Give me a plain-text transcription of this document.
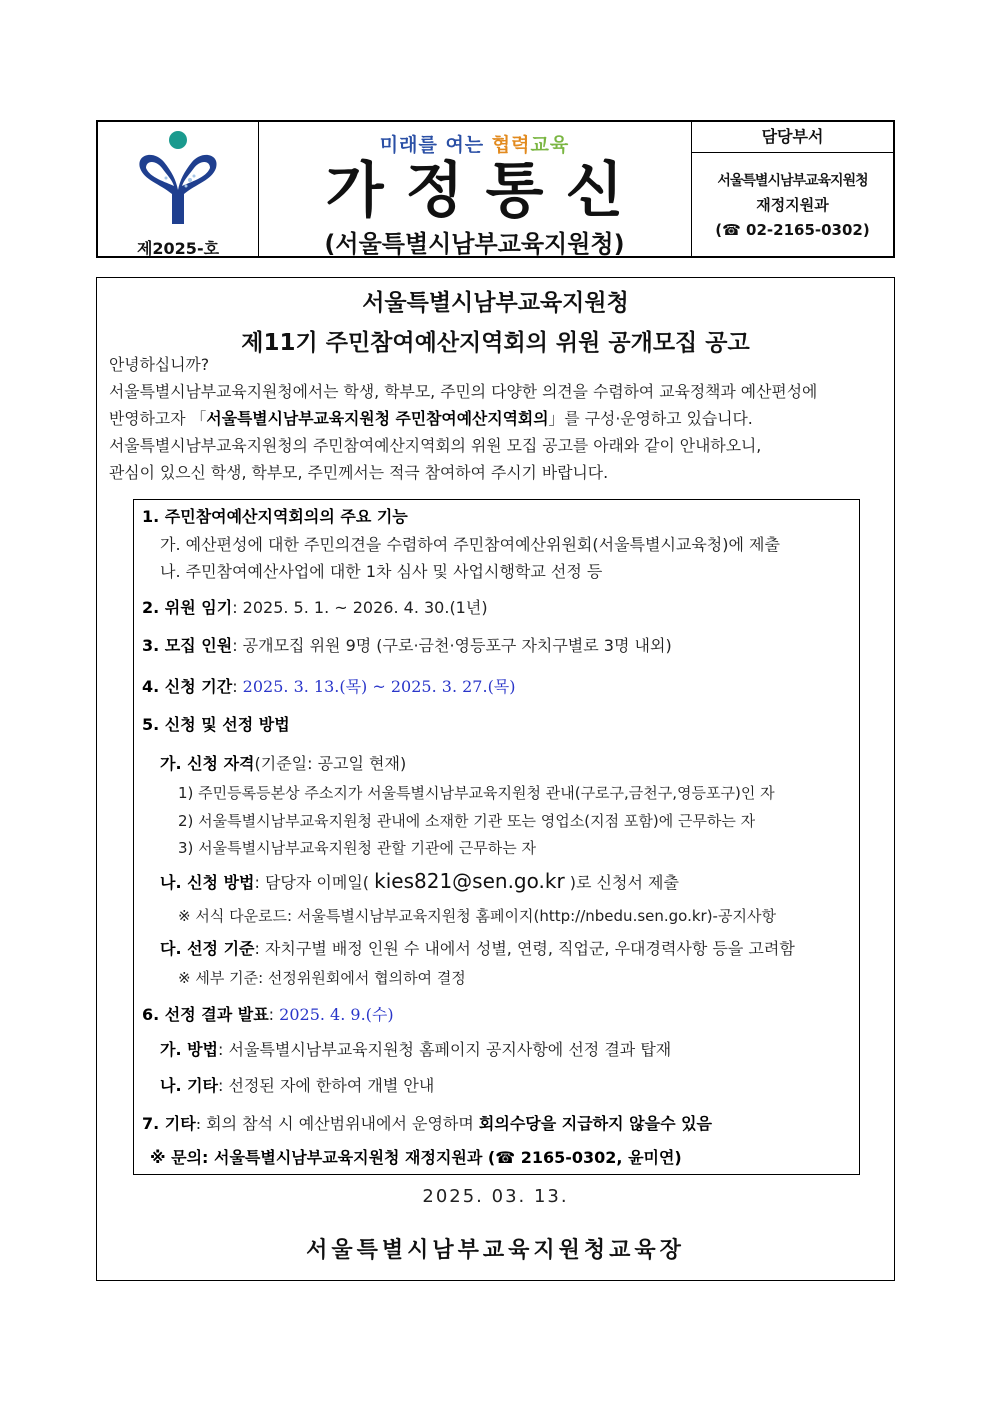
제2025-호
미래를 여는 협력교육
가정통신
(서울특별시남부교육지원청)
담당부서
서울특별시남부교육지원청
재정지원과
(☎ 02-2165-0302)
서울특별시남부교육지원청
제11기 주민참여예산지역회의 위원 공개모집 공고

안녕하십니까?

서울특별시남부교육지원청에서는 학생, 학부모, 주민의 다양한 의견을 수렴하여 교육정책과 예산편성에

반영하고자 「서울특별시남부교육지원청 주민참여예산지역회의」를 구성·운영하고 있습니다.

서울특별시남부교육지원청의 주민참여예산지역회의 위원 모집 공고를 아래와 같이 안내하오니,

관심이 있으신 학생, 학부모, 주민께서는 적극 참여하여 주시기 바랍니다.

1. 주민참여예산지역회의의 주요 기능
가. 예산편성에 대한 주민의견을 수렴하여 주민참여예산위원회(서울특별시교육청)에 제출
나. 주민참여예산사업에 대한 1차 심사 및 사업시행학교 선정 등
2. 위원 임기: 2025. 5. 1. ~ 2026. 4. 30.(1년)
3. 모집 인원: 공개모집 위원 9명 (구로·금천·영등포구 자치구별로 3명 내외)
4. 신청 기간: 2025. 3. 13.(목) ~ 2025. 3. 27.(목)
5. 신청 및 선정 방법
가. 신청 자격(기준일: 공고일 현재)
1) 주민등록등본상 주소지가 서울특별시남부교육지원청 관내(구로구,금천구,영등포구)인 자
2) 서울특별시남부교육지원청 관내에 소재한 기관 또는 영업소(지점 포함)에 근무하는 자
3) 서울특별시남부교육지원청 관할 기관에 근무하는 자
나. 신청 방법: 담당자 이메일( kies821@sen.go.kr )로 신청서 제출
※ 서식 다운로드: 서울특별시남부교육지원청 홈페이지(http://nbedu.sen.go.kr)-공지사항
다. 선정 기준: 자치구별 배정 인원 수 내에서 성별, 연령, 직업군, 우대경력사항 등을 고려함
※ 세부 기준: 선정위원회에서 협의하여 결정
6. 선정 결과 발표: 2025. 4. 9.(수)
가. 방법: 서울특별시남부교육지원청 홈페이지 공지사항에 선정 결과 탑재
나. 기타: 선정된 자에 한하여 개별 안내
7. 기타: 회의 참석 시 예산범위내에서 운영하며 회의수당을 지급하지 않을수 있음
※ 문의: 서울특별시남부교육지원청 재정지원과 (☎ 2165-0302, 윤미연)
2025. 03. 13.
서울특별시남부교육지원청교육장
